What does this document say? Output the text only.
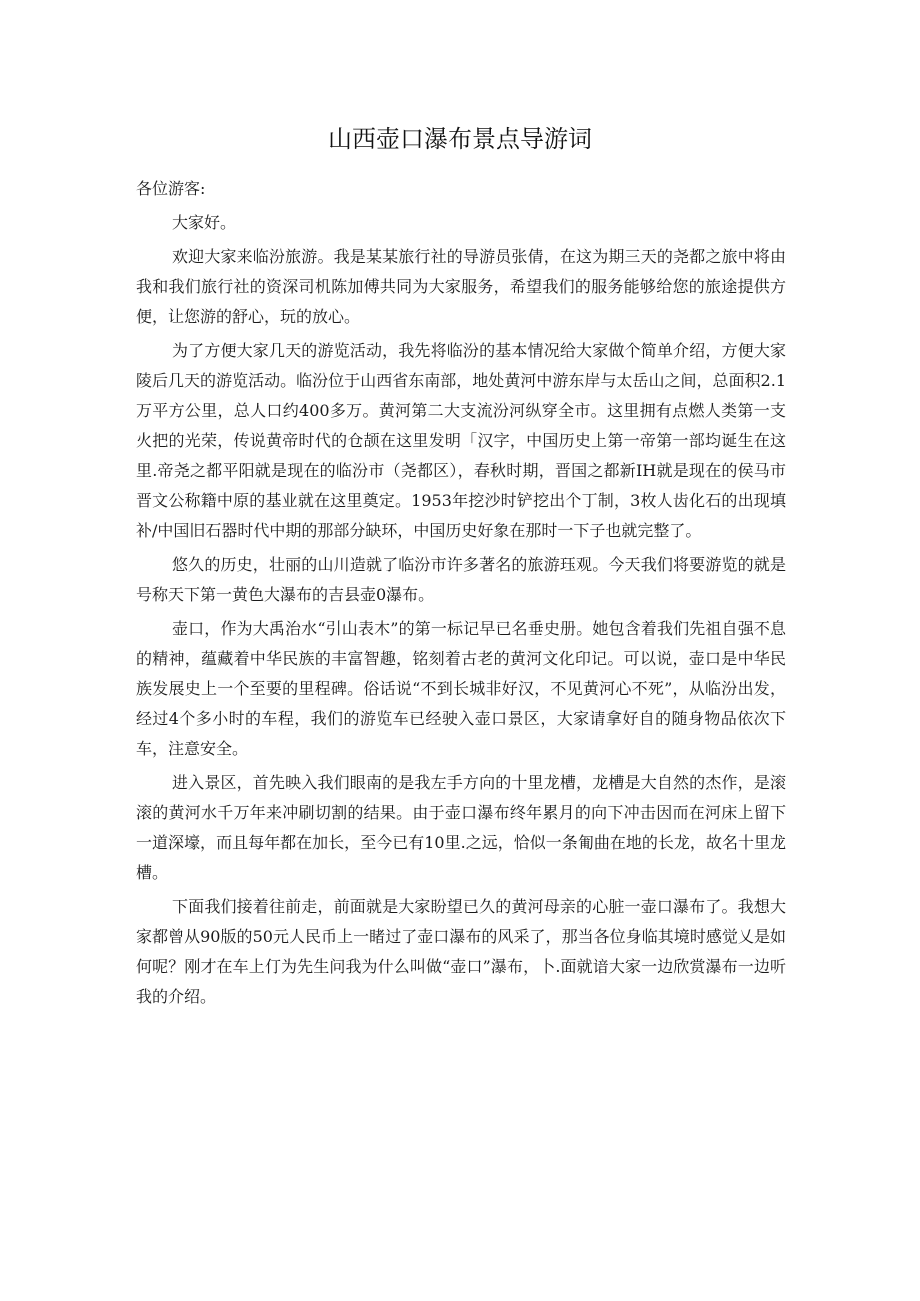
山西壶口瀑布景点导游词

各位游客:

大家好。

欢迎大家来临汾旅游。我是某某旅行社的导游员张倩，在这为期三天的尧都之旅中将由我和我们旅行社的资深司机陈加傅共同为大家服务，希望我们的服务能够给您的旅途提供方便，让您游的舒心，玩的放心。

为了方便大家几天的游览活动，我先将临汾的基本情况给大家做个简单介绍，方便大家陵后几天的游览活动。临汾位于山西省东南部，地处黄河中游东岸与太岳山之间，总面积2.1万平方公里，总人口约400多万。黄河第二大支流汾河纵穿全市。这里拥有点燃人类第一支火把的光荣，传说黄帝时代的仓颉在这里发明「汉字，中国历史上第一帝第一部均诞生在这里.帝尧之都平阳就是现在的临汾市（尧都区），春秋时期，晋国之都新IH就是现在的侯马市晋文公称籍中原的基业就在这里奠定。1953年挖沙时铲挖出个丁制，3枚人齿化石的出现填补/中国旧石器时代中期的那部分缺环，中国历史好象在那时一下子也就完整了。

悠久的历史，壮丽的山川造就了临汾市许多著名的旅游珏观。今天我们将要游览的就是号称天下第一黄色大瀑布的吉县壶0瀑布。

壶口，作为大禹治水“引山表木”的第一标记早已名垂史册。她包含着我们先祖自强不息的精神，蕴藏着中华民族的丰富智趣，铭刻着古老的黄河文化印记。可以说，壶口是中华民族发展史上一个至要的里程碑。俗话说“不到长城非好汉，不见黄河心不死”，从临汾出发，经过4个多小时的车程，我们的游览车已经驶入壶口景区，大家请拿好自的随身物品依次下车，注意安全。

进入景区，首先映入我们眼南的是我左手方向的十里龙槽，龙槽是大自然的杰作，是滚滚的黄河水千万年来冲刷切割的结果。由于壶口瀑布终年累月的向下冲击因而在河床上留下一道深壕，而且每年都在加长，至今已有10里.之远，恰似一条匍曲在地的长龙，故名十里龙槽。

下面我们接着往前走，前面就是大家盼望已久的黄河母亲的心脏一壶口瀑布了。我想大家都曾从90版的50元人民币上一睹过了壶口瀑布的风采了，那当各位身临其境时感觉乂是如何呢？刚才在车上仃为先生问我为什么叫做“壶口”瀑布，卜.面就谙大家一边欣赏瀑布一边听我的介绍。
